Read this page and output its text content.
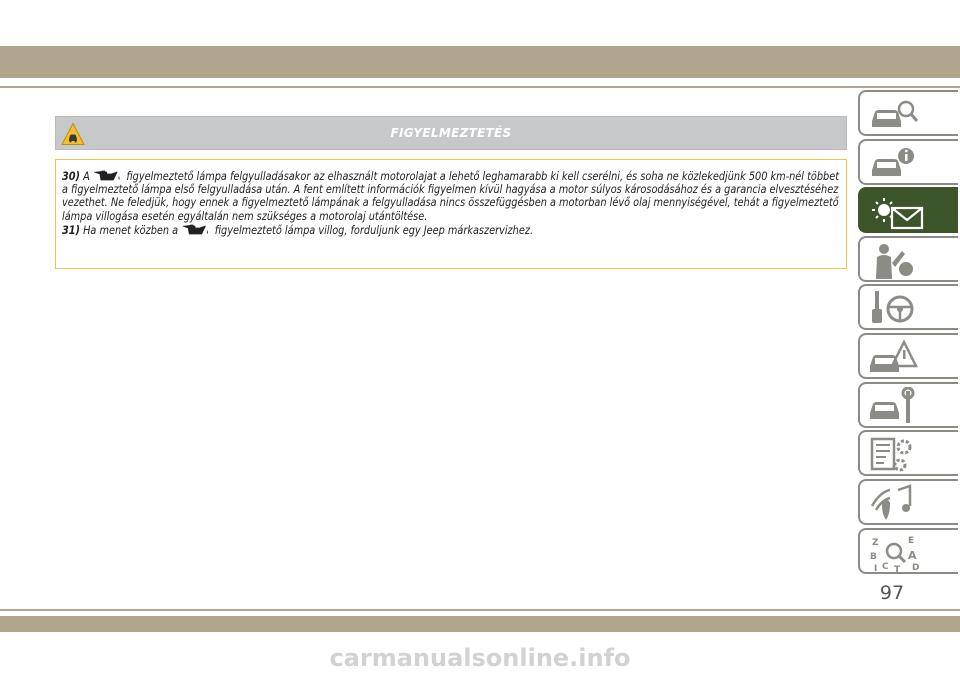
FIGYELMEZTETÉS

30) A	figyelmeztető lámpa felgyulladásakor az elhasznált motorolajat a lehető leghamarabb ki kell cserélni, és soha ne közlekedjünk 500 km-nél többet a figyelmeztető lámpa első felgyulladása után. A fent említett információk figyelmen kívül hagyása a motor súlyos károsodásához és a garancia elvesztéséhez vezethet. Ne feledjük, hogy ennek a figyelmeztető lámpának a felgyulladása nincs összefüggésben a motorban lévő olaj mennyiségével, tehát a figyelmeztető lámpa villogása esetén egyáltalán nem szükséges a motorolaj utántöltése.
31) Ha menet közben a	figyelmeztető lámpa villog, forduljunk egy Jeep márkaszervizhez.

Z	E
B	A
I C T D
97
carmanualsonline.info
